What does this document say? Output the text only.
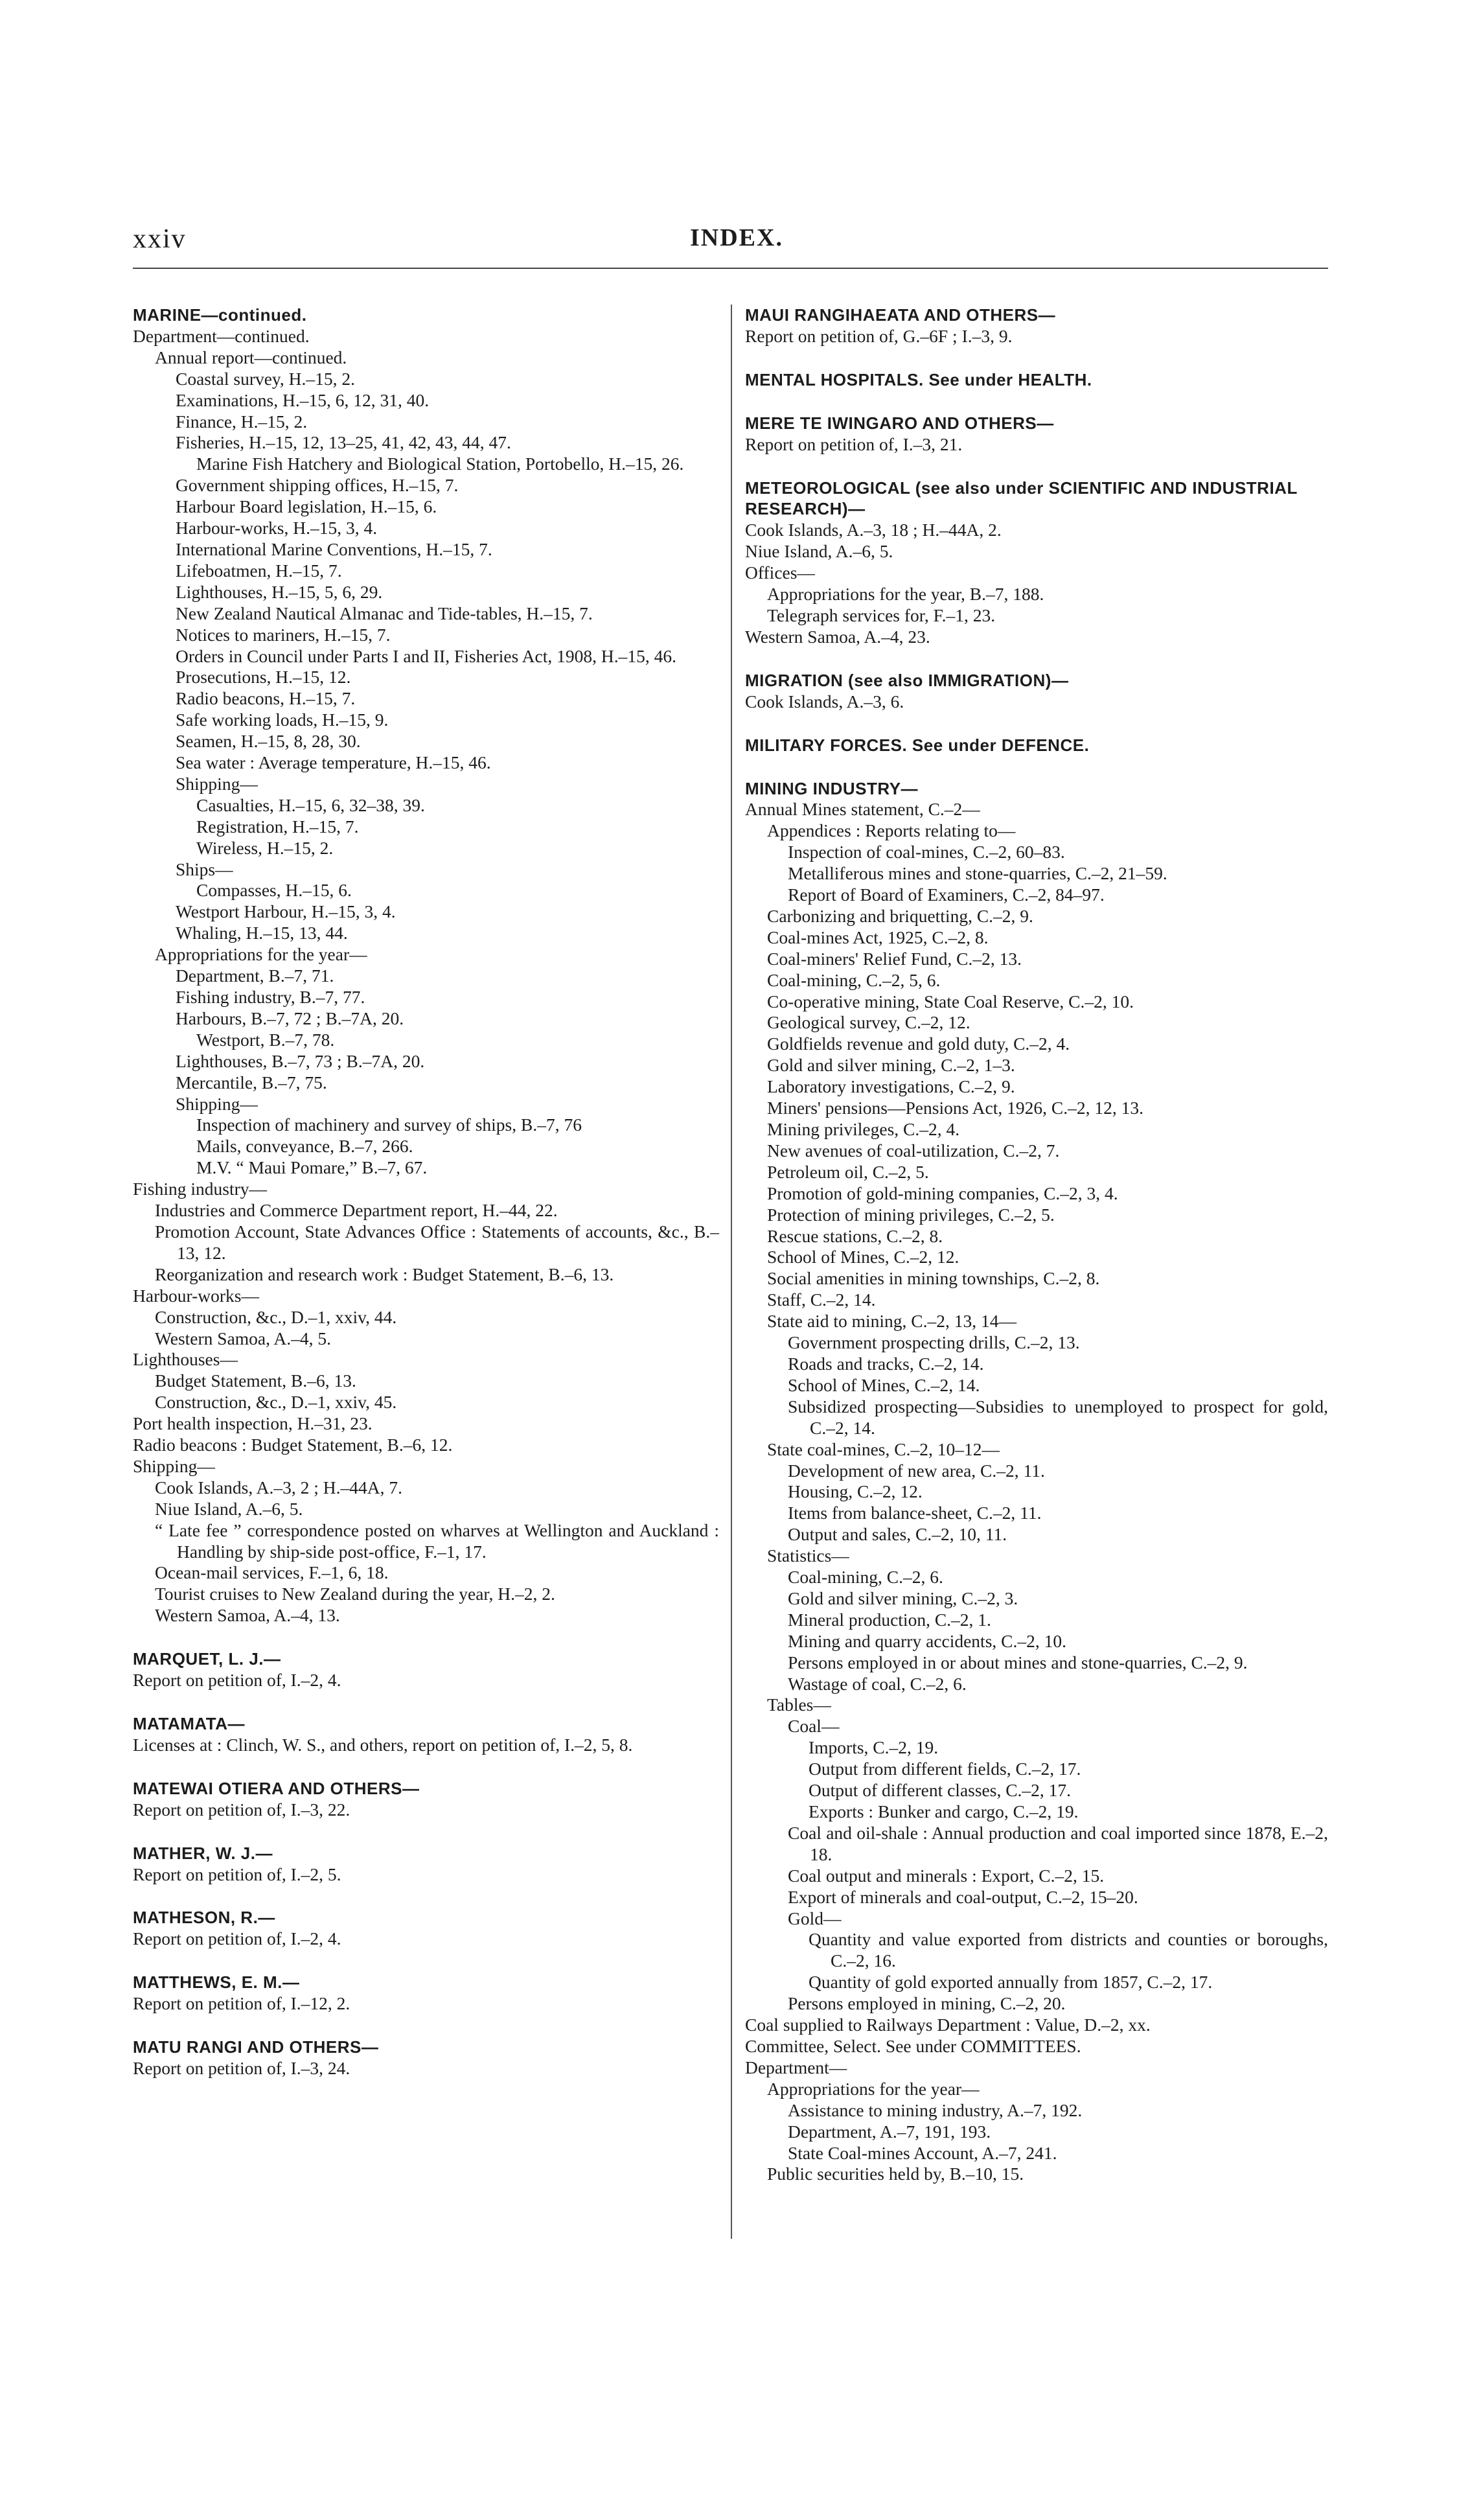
xxiv	INDEX.

MARINE—continued.

Department—continued.

Annual report—continued.

Coastal survey, H.–15, 2.

Examinations, H.–15, 6, 12, 31, 40.

Finance, H.–15, 2.

Fisheries, H.–15, 12, 13–25, 41, 42, 43, 44, 47.

Marine Fish Hatchery and Biological Station, Portobello, H.–15, 26.

Government shipping offices, H.–15, 7.

Harbour Board legislation, H.–15, 6.

Harbour-works, H.–15, 3, 4.

International Marine Conventions, H.–15, 7.

Lifeboatmen, H.–15, 7.

Lighthouses, H.–15, 5, 6, 29.

New Zealand Nautical Almanac and Tide-tables, H.–15, 7.

Notices to mariners, H.–15, 7.

Orders in Council under Parts I and II, Fisheries Act, 1908, H.–15, 46.

Prosecutions, H.–15, 12.

Radio beacons, H.–15, 7.

Safe working loads, H.–15, 9.

Seamen, H.–15, 8, 28, 30.

Sea water : Average temperature, H.–15, 46.

Shipping—

Casualties, H.–15, 6, 32–38, 39.

Registration, H.–15, 7.

Wireless, H.–15, 2.

Ships—

Compasses, H.–15, 6.

Westport Harbour, H.–15, 3, 4.

Whaling, H.–15, 13, 44.

Appropriations for the year—

Department, B.–7, 71.

Fishing industry, B.–7, 77.

Harbours, B.–7, 72 ; B.–7A, 20.

Westport, B.–7, 78.

Lighthouses, B.–7, 73 ; B.–7A, 20.

Mercantile, B.–7, 75.

Shipping—

Inspection of machinery and survey of ships, B.–7, 76

Mails, conveyance, B.–7, 266.

M.V. “ Maui Pomare,” B.–7, 67.

Fishing industry—

Industries and Commerce Department report, H.–44, 22.

Promotion Account, State Advances Office : Statements of accounts, &c., B.–13, 12.

Reorganization and research work : Budget Statement, B.–6, 13.

Harbour-works—

Construction, &c., D.–1, xxiv, 44.

Western Samoa, A.–4, 5.

Lighthouses—

Budget Statement, B.–6, 13.

Construction, &c., D.–1, xxiv, 45.

Port health inspection, H.–31, 23.

Radio beacons : Budget Statement, B.–6, 12.

Shipping—

Cook Islands, A.–3, 2 ; H.–44A, 7.

Niue Island, A.–6, 5.

“ Late fee ” correspondence posted on wharves at Wellington and Auckland : Handling by ship-side post-office, F.–1, 17.

Ocean-mail services, F.–1, 6, 18.

Tourist cruises to New Zealand during the year, H.–2, 2.

Western Samoa, A.–4, 13.

MARQUET, L. J.—

Report on petition of, I.–2, 4.

MATAMATA—

Licenses at : Clinch, W. S., and others, report on petition of, I.–2, 5, 8.

MATEWAI OTIERA AND OTHERS—

Report on petition of, I.–3, 22.

MATHER, W. J.—

Report on petition of, I.–2, 5.

MATHESON, R.—

Report on petition of, I.–2, 4.

MATTHEWS, E. M.—

Report on petition of, I.–12, 2.

MATU RANGI AND OTHERS—

Report on petition of, I.–3, 24.

MAUI RANGIHAEATA AND OTHERS—

Report on petition of, G.–6F ; I.–3, 9.

MENTAL HOSPITALS. See under HEALTH.

MERE TE IWINGARO AND OTHERS—

Report on petition of, I.–3, 21.

METEOROLOGICAL (see also under SCIENTIFIC AND INDUSTRIAL RESEARCH)—

Cook Islands, A.–3, 18 ; H.–44A, 2.

Niue Island, A.–6, 5.

Offices—

Appropriations for the year, B.–7, 188.

Telegraph services for, F.–1, 23.

Western Samoa, A.–4, 23.

MIGRATION (see also IMMIGRATION)—

Cook Islands, A.–3, 6.

MILITARY FORCES. See under DEFENCE.

MINING INDUSTRY—

Annual Mines statement, C.–2—

Appendices : Reports relating to—

Inspection of coal-mines, C.–2, 60–83.

Metalliferous mines and stone-quarries, C.–2, 21–59.

Report of Board of Examiners, C.–2, 84–97.

Carbonizing and briquetting, C.–2, 9.

Coal-mines Act, 1925, C.–2, 8.

Coal-miners' Relief Fund, C.–2, 13.

Coal-mining, C.–2, 5, 6.

Co-operative mining, State Coal Reserve, C.–2, 10.

Geological survey, C.–2, 12.

Goldfields revenue and gold duty, C.–2, 4.

Gold and silver mining, C.–2, 1–3.

Laboratory investigations, C.–2, 9.

Miners' pensions—Pensions Act, 1926, C.–2, 12, 13.

Mining privileges, C.–2, 4.

New avenues of coal-utilization, C.–2, 7.

Petroleum oil, C.–2, 5.

Promotion of gold-mining companies, C.–2, 3, 4.

Protection of mining privileges, C.–2, 5.

Rescue stations, C.–2, 8.

School of Mines, C.–2, 12.

Social amenities in mining townships, C.–2, 8.

Staff, C.–2, 14.

State aid to mining, C.–2, 13, 14—

Government prospecting drills, C.–2, 13.

Roads and tracks, C.–2, 14.

School of Mines, C.–2, 14.

Subsidized prospecting—Subsidies to unemployed to prospect for gold, C.–2, 14.

State coal-mines, C.–2, 10–12—

Development of new area, C.–2, 11.

Housing, C.–2, 12.

Items from balance-sheet, C.–2, 11.

Output and sales, C.–2, 10, 11.

Statistics—

Coal-mining, C.–2, 6.

Gold and silver mining, C.–2, 3.

Mineral production, C.–2, 1.

Mining and quarry accidents, C.–2, 10.

Persons employed in or about mines and stone-quarries, C.–2, 9.

Wastage of coal, C.–2, 6.

Tables—

Coal—

Imports, C.–2, 19.

Output from different fields, C.–2, 17.

Output of different classes, C.–2, 17.

Exports : Bunker and cargo, C.–2, 19.

Coal and oil-shale : Annual production and coal imported since 1878, E.–2, 18.

Coal output and minerals : Export, C.–2, 15.

Export of minerals and coal-output, C.–2, 15–20.

Gold—

Quantity and value exported from districts and counties or boroughs, C.–2, 16.

Quantity of gold exported annually from 1857, C.–2, 17.

Persons employed in mining, C.–2, 20.

Coal supplied to Railways Department : Value, D.–2, xx.

Committee, Select. See under COMMITTEES.

Department—

Appropriations for the year—

Assistance to mining industry, A.–7, 192.

Department, A.–7, 191, 193.

State Coal-mines Account, A.–7, 241.

Public securities held by, B.–10, 15.
